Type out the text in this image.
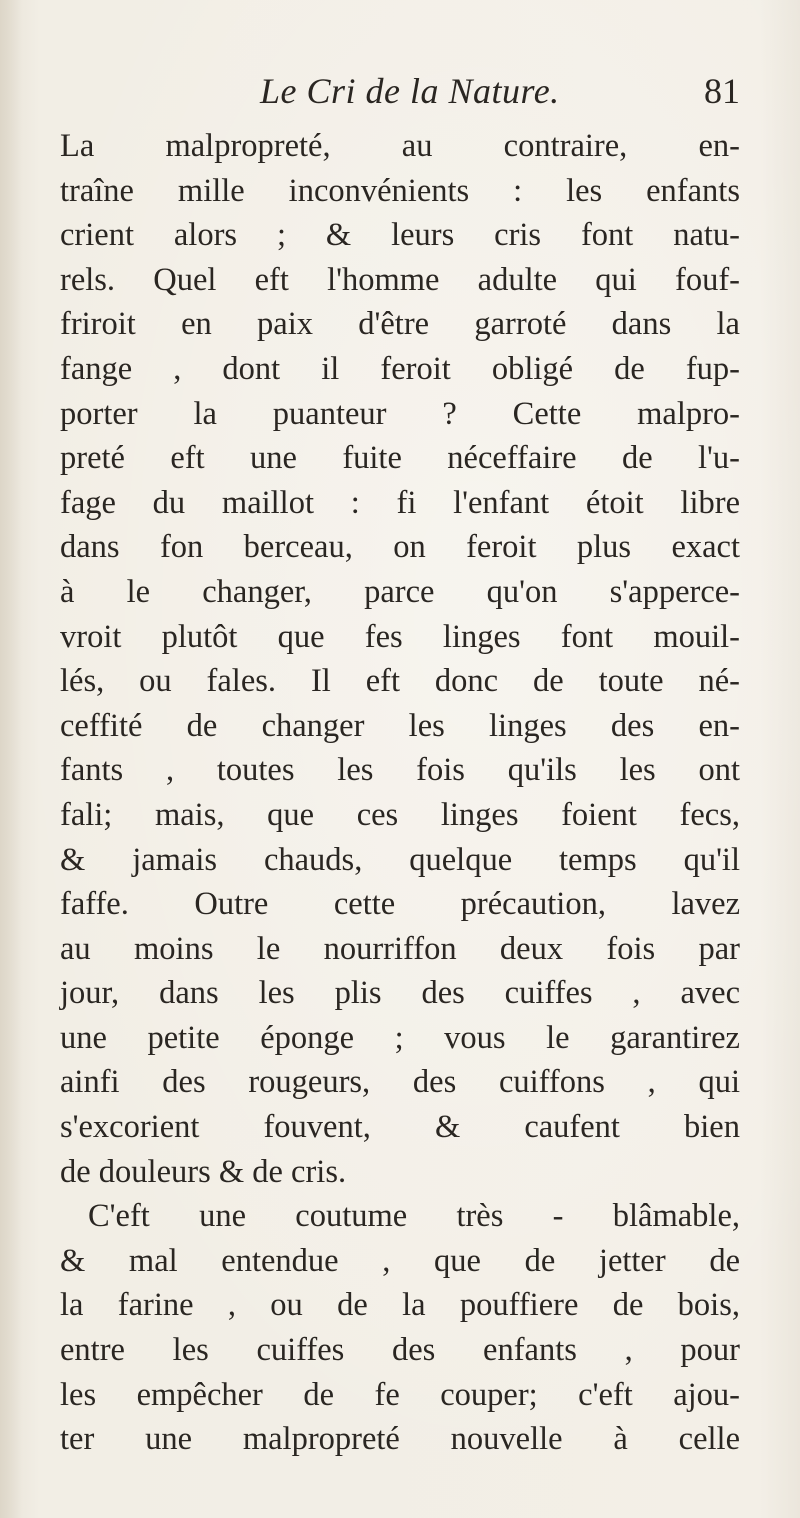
Le Cri de la Nature.	81
La malpropreté, au contraire, en-
traîne mille inconvénients : les enfants
crient alors ; & leurs cris font natu-
rels. Quel eft l'homme adulte qui fouf-
friroit en paix d'être garroté dans la
fange , dont il feroit obligé de fup-
porter la puanteur ? Cette malpro-
preté eft une fuite néceffaire de l'u-
fage du maillot : fi l'enfant étoit libre
dans fon berceau, on feroit plus exact
à le changer, parce qu'on s'apperce-
vroit plutôt que fes linges font mouil-
lés, ou fales. Il eft donc de toute né-
ceffité de changer les linges des en-
fants , toutes les fois qu'ils les ont
fali; mais, que ces linges foient fecs,
& jamais chauds, quelque temps qu'il
faffe. Outre cette précaution, lavez
au moins le nourriffon deux fois par
jour, dans les plis des cuiffes , avec
une petite éponge ; vous le garantirez
ainfi des rougeurs, des cuiffons , qui
s'excorient fouvent, & caufent bien
de douleurs & de cris.
C'eft une coutume très - blâmable,
& mal entendue , que de jetter de
la farine , ou de la pouffiere de bois,
entre les cuiffes des enfants , pour
les empêcher de fe couper; c'eft ajou-
ter une malpropreté nouvelle à celle
